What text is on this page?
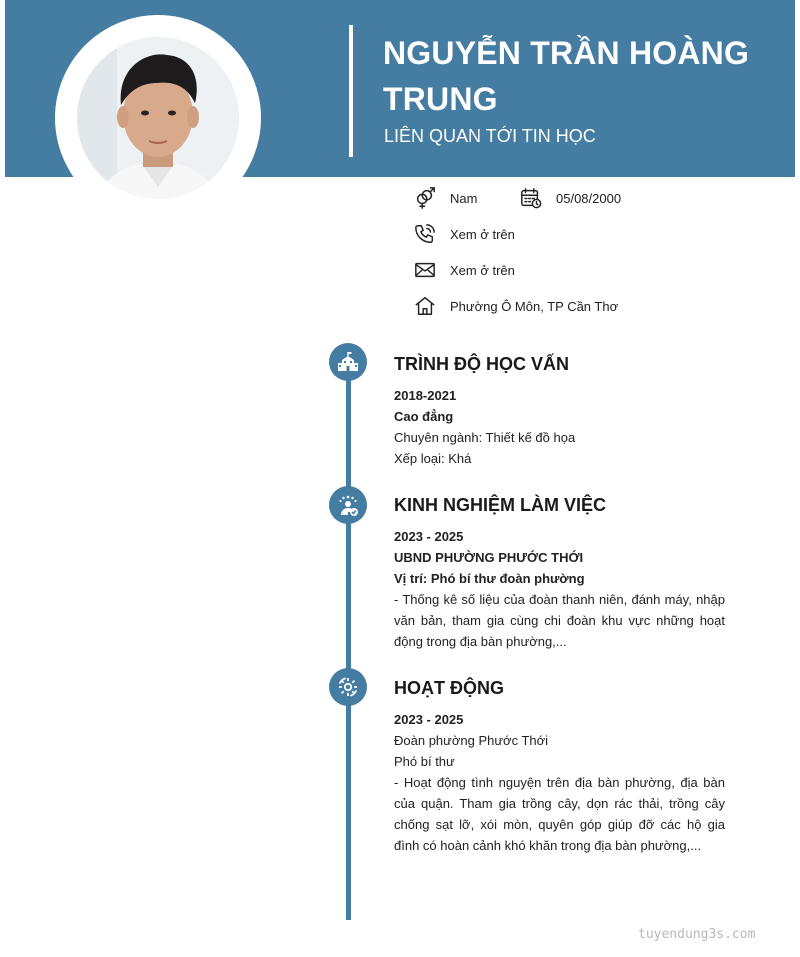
NGUYỄN TRẦN HOÀNG TRUNG
LIÊN QUAN TỚI TIN HỌC
Nam	05/08/2000
Xem ở trên
Xem ở trên
Phường Ô Môn, TP Cần Thơ
TRÌNH ĐỘ HỌC VẤN
2018-2021
Cao đẳng
Chuyên ngành: Thiết kế đồ họa
Xếp loại: Khá
KINH NGHIỆM LÀM VIỆC
2023 - 2025
UBND PHƯỜNG PHƯỚC THỚI
Vị trí: Phó bí thư đoàn phường
- Thống kê số liệu của đoàn thanh niên, đánh máy, nhập văn bản, tham gia cùng chi đoàn khu vực những hoạt động trong địa bàn phường,...
HOẠT ĐỘNG
2023 - 2025
Đoàn phường Phước Thới
Phó bí thư
- Hoạt động tình nguyện trên địa bàn phường, địa bàn của quận. Tham gia trồng cây, dọn rác thải, trồng cây chống sạt lỡ, xói mòn, quyên góp giúp đỡ các hộ gia đình có hoàn cảnh khó khăn trong địa bàn phường,...
tuyendung3s.com
